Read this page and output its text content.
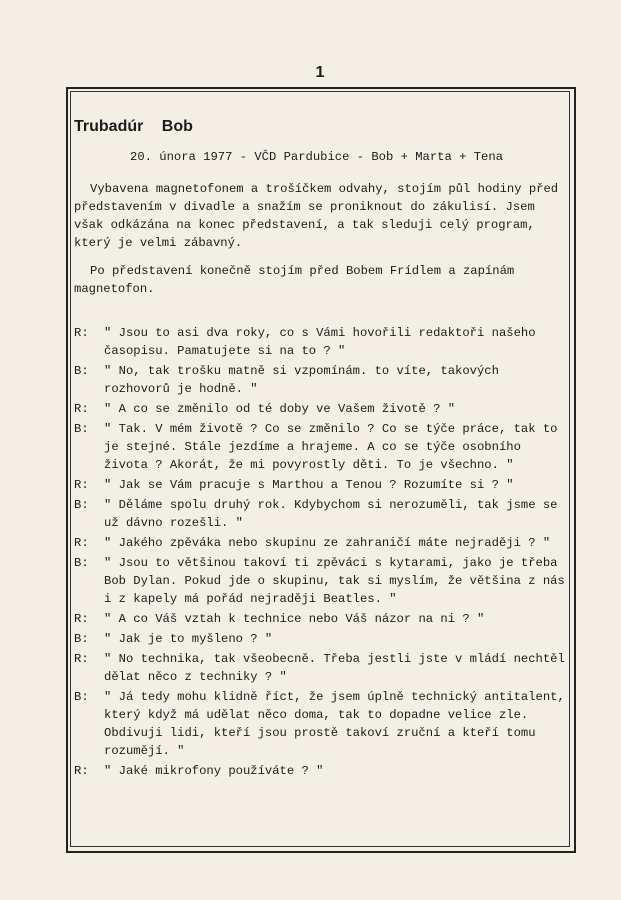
1
Trubadúr Bob
20. února 1977 - VČD Pardubice - Bob + Marta + Tena
Vybavena magnetofonem a trošíčkem odvahy, stojím půl hodiny před představením v divadle a snažím se proniknout do zákulisí. Jsem však odkázána na konec představení, a tak sleduji celý program, který je velmi zábavný.
Po představení konečně stojím před Bobem Frídlem a zapínám magnetofon.
R:	" Jsou to asi dva roky, co s Vámi hovořili redaktoři našeho časopisu. Pamatujete si na to ? "
B:	" No, tak trošku matně si vzpomínám. to víte, takových rozhovorů je hodně. "
R:	" A co se změnilo od té doby ve Vašem životě ? "
B:	" Tak. V mém životě ? Co se změnilo ? Co se týče práce, tak to je stejné. Stále jezdíme a hrajeme. A co se týče osobního života ? Akorát, že mi povyrostly děti. To je všechno. "
R:	" Jak se Vám pracuje s Marthou a Tenou ? Rozumíte si ? "
B:	" Děláme spolu druhý rok. Kdybychom si nerozuměli, tak jsme se už dávno rozešli. "
R:	" Jakého zpěváka nebo skupinu ze zahraničí máte nejraději ? "
B:	" Jsou to většinou takoví ti zpěváci s kytarami, jako je třeba Bob Dylan. Pokud jde o skupinu, tak si myslím, že většina z nás i z kapely má pořád nejraději Beatles. "
R:	" A co Váš vztah k technice nebo Váš názor na ni ? "
B:	" Jak je to myšleno ? "
R:	" No technika, tak všeobecně. Třeba jestli jste v mládí nechtěl dělat něco z techniky ? "
B:	" Já tedy mohu klidně říct, že jsem úplně technický antitalent, který když má udělat něco doma, tak to dopadne velice zle. Obdivuji lidi, kteří jsou prostě takoví zruční a kteří tomu rozumějí. "
R:	" Jaké mikrofony používáte ? "
